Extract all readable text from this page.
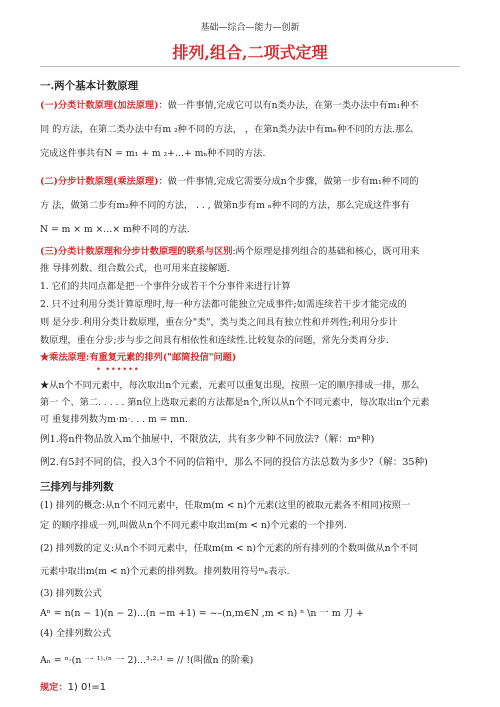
基础—综合—能力—创新
排列,组合,二项式定理
一.两个基本计数原理
(一)分类计数原理(加法原理)：做一件事情,完成它可以有n类办法，在第一类办法中有m₁种不
同 的方法，在第二类办法中有m ₂种不同的方法， ，在第n类办法中有mₙ种不同的方法.那么
完成这件事共有N = m₁ + m ₂+…+ mₙ种不同的方法.
(二)分步计数原理(乘法原理)：做一件事情,完成它需要分成n个步骤，做第一步有m₁种不同的
方 法，做第二步有m₂种不同的方法， . . , 做第n步有m ₙ种不同的方法，那么完成这件事有
N = m × m ×…× m种不同的方法.
(三)分类计数原理和分步计数原理的联系与区别:两个原理是排列组合的基础和核心，既可用来
推 导排列数、组合数公式，也可用来直接解题.
1. 它们的共同点都是把一个事件分成若干个分事件来进行计算
2. 只不过利用分类计算原理时,每一种方法都可能独立完成事件;如需连续若干步才能完成的
则 是分步.利用分类计数原理，重在分"类"，类与类之间具有独立性和并列性;利用分步计
数原理，重在分步;步与步之间具有相依性和连续性.比较复杂的问题，常先分类再分步.
★乘法原理:有重复元素的排列("邮筒投信"问题)
• ••••••
★从n个不同元素中，每次取出n个元素，元素可以重复出现，按照一定的顺序排成一排，那么
第一 个、第二. . . . . 第n位上选取元素的方法都是n个,所以从n个不同元素中，每次取出n个元素
可 重复排列数为m·m·. . . m = mn.
例1.将n件物品放入m个抽屉中，不限放法，共有多少种不同放法?（解：mⁿ种)
例2.有5封不同的信，投入3个不同的信箱中，那么不同的投信方法总数为多少?（解：35种)
三排列与排列数
(1) 排列的概念:从n个不同元素中，任取m(m < n)个元素(这里的被取元素各不相同)按照一
定 的顺序排成一列,叫做从n个不同元素中取出m(m < n)个元素的一个排列.
(2) 排列数的定义:从n个不同元素中，任取m(m < n)个元素的所有排列的个数叫做从n个不同
元素中取出m(m < n)个元素的排列数。排列数用符号ᵐₙ表示.
(3) 排列数公式
Aⁿ = n(n − 1)(n − 2)...(n −m +1) = ~–(n,m∈N ,m < n) ⁿ \n 一 m 刀 +
(4) 全排列数公式
Aₙ = ⁿ·(n 一 ¹⁾·⁽ⁿ 一 2)...³·²·¹ = // !(叫做n 的阶乘)
规定：1) 0!=1
